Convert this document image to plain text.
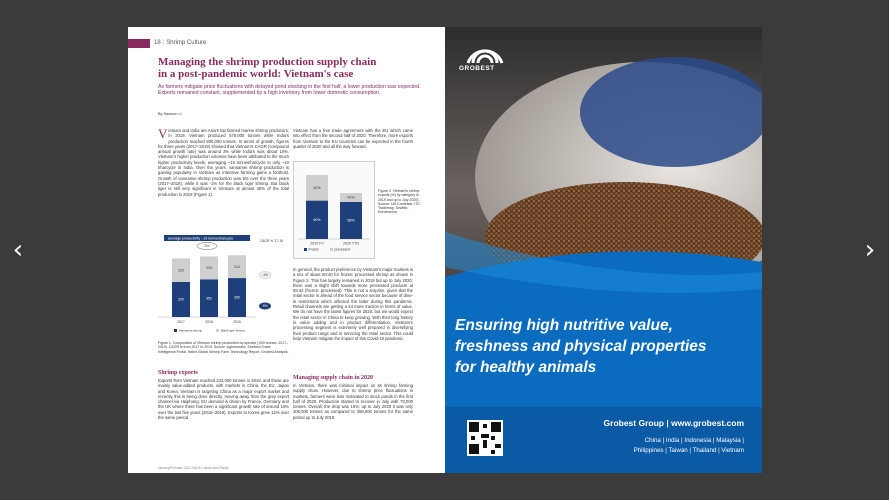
‹	›
18 | Shrimp Culture
Managing the shrimp production supply chain
in a post-pandemic world: Vietnam's case
As farmers mitigate price fluctuations with delayed pond stocking in the first half, a lower production was expected. Exports remained constant, supplemented by a high inventory from lower domestic consumption.
By Samson Li
V ietnam and India are Asia's top farmed marine shrimp producers; in 2019, Vietnam produced 579,000 tonnes while India's production reached 800,000 tonnes. In terms of growth, figures for three years (2017–2019) showed that Vietnam's CAGR (compound annual growth rate) was around 3% while India's was about 10%. Vietnam's higher production volumes have been attributed to the much higher productivity levels, averaging ~15 tonnes/ha/cycle to only ~10 t/ha/cycle in India. Over the years, vannamei shrimp production is gaining popularity in Vietnam as intensive farming gains a foothold. Growth of vannamei shrimp production was 5% over the three years (2017–2019), while it was -1% for the black tiger shrimp. But black tiger is still very significant in Vietnam at almost 40% of the total production in 2019 (Figure 1).
average productivity ~15 tonnes/ha/cycle
3%
CAGR % '17-'19
329
220
2017
353
215
2018
365
214
2019
-1%
5%
Vannamei shrimp	Black tiger shrimp
Figure 1. Composition of Vietnam shrimp production by species ('000 tonnes, 2017–2019). CAGR is from 2017 to 2019. Source: Agromonitor, Seafood Trade Intelligence Portal, Hatch Global Shrimp Farm Technology Report, Grobest Analysis.
Shrimp exports
Exports from Vietnam reached 234,000 tonnes in 2019, and these are mainly value-added products, with markets in China, the EU, Japan and Korea. Vietnam is targeting China as a major export market and recently this is being done directly, moving away from the grey export channel via Haiphong. EU demand is driven by France, Germany and the UK where there has been a significant growth rate of around 10% over the last five years (2015–2019). Exports to Korea grew 12% over the same period.
Vietnam has a free trade agreement with the EU which came into effect from the second half of 2020. Therefore, more exports from Vietnam to the EU countries can be expected in the fourth quarter of 2020 and all the way forward.
60%
40%
2019 FY
58%
42%
2020 YTD
Frozen	processed
Figure 2. Vietnam's shrimp exports (%) by category in 2019 and up to July 2020). Source: UN Comtrade, ITC Trademap, Seafish, Euromonitor
In general, the product preference by Vietnam's major markets is a mix of about 60:40 for frozen: processed shrimp as shown in Figure 2. This has largely remained in 2019 but up to July 2020, there was a slight shift towards more processed products at 58:42 (frozen: processed). This is not a surprise, given that the retail sector is ahead of the food service sector because of dine-in restrictions which affected the latter during this pandemic. Retail channels are getting a lot more traction in terms of value. We do not have the latest figures for 2020, but we would expect the retail sector in China to keep growing. With their long history in value adding and in product differentiation, Vietnam's processing segment is extremely well prepared in diversifying their product range and in servicing the retail sector. This could help Vietnam mitigate the impact of this Covid-19 pandemic.
Managing supply chain in 2020
In Vietnam, there was minimal impact on its shrimp farming supply chain. However, due to shrimp price fluctuations in markets, farmers were less motivated to stock ponds in the first half of 2020. Production started to recover in July with 70,000 tonnes. Overall, the drop was 15%; up to July 2020 it was only 305,000 tonnes as compared to 358,000 tonnes for the same period up to July 2019.
January/February 2021 AQUA Culture Asia Pacific
GROBEST
Ensuring high nutritive value,
freshness and physical properties
for healthy animals
Grobest Group | www.grobest.com
China | India | Indonesia | Malaysia |
Philippines | Taiwan | Thailand | Vietnam
